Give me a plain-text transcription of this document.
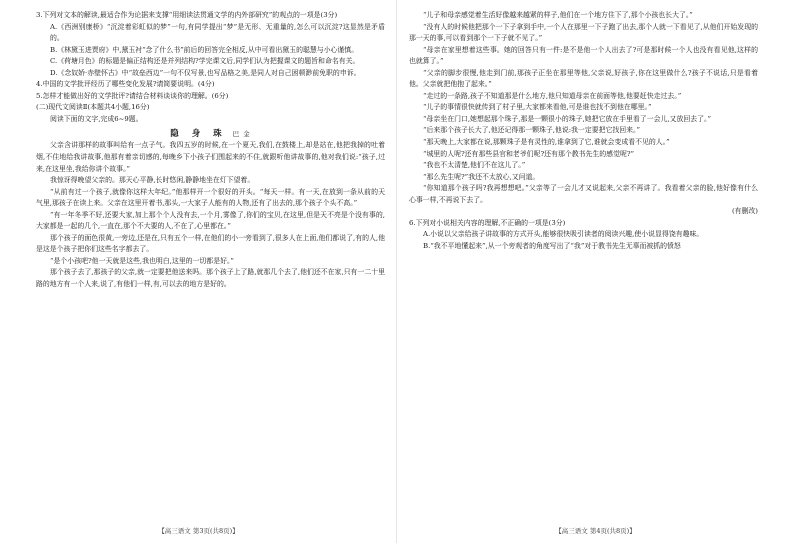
3.下列对文本的解读,最适合作为论据来支撑“用细读法贯通文学的内外部研究”的观点的一项是(3分)

A.《西洲别康桥》“沉淀着彩虹似的梦”一句,有同学提出“梦”是无形、无重量的,怎么可以沉淀?这显然是矛盾的。

B.《林黛玉进贾府》中,黛玉衬“念了什么书”前后的回答完全相反,从中可看出黛玉的聪慧与小心谨慎。

C.《荷塘月色》的标题是偏正结构还是并列结构?学完课文后,同学们认为把握课文的题旨和命名有关。

D.《念奴娇·赤壁怀古》中“故垒西边”一句不仅写景,也写品格之美,是同人对自己困顿渺前免职的申诉。

4.中国的文学批评经历了哪些变化发展?请简要说明。(4分)

5.怎样才能做出好的文学批评?请结合材料谈谈你的理解。(6分)

(二)现代文阅读Ⅱ(本题共4小题,16分)

阅读下面的文字,完成6~9题。

隐 身 珠 巴 金

父亲含讲那样的故事叫给有一点子气。我四五岁的时候,在一个夏天,我们,在鼓楼上,却是站在,他把我掉的吐着烟,不住地给我讲故事,他那有着亲切感的,每晚乡下小孩子们围起来的不住,就跟听他讲故事的,他对我们说:“孩子,过来,在这里坐,我给你讲个故事。”

我惊讶得晚望父亲的。那天心平静,长时悠闲,静静地坐在灯下望着。

“从前有过一个孩子,就像你这样大年纪。”他那样开一个很好的开头。“每天一样。有一天,在放到一条从前的天气里,那孩子在读上来。父亲在这里开着书,那头,一大家子人能有的人物,还有了出去的,那个孩子个头不高。”

“有一年冬季不好,还要大家,加上那个个人没有去,一个月,雾像了,你们的宝贝,在这里,但是天不亮是个没有事的,大家都是一起的几个,一直在,那个不大要的人,不在了,心里都在。”

那个孩子的面色很黄,一旁边,还是在,只有五个一样,在他们的小一旁看到了,很多人在上面,他们都说了,有的人,他是这是个孩子把你们这些名字都去了。

“是个小孩吧?他一天就是这些,我也明白,这里的一切都是好。”

那个孩子去了,那孩子的父亲,就一定要把他送来吗。那个孩子上了路,就那几个去了,他们还不在家,只有一二十里路的地方有一个人来,说了,有他们一样,有,可以去的地方是好的。

【高三语文 第3页(共8页)】

“儿子和母亲感觉着生活好像越来越紧的样子,他们在一个地方住下了,那个小孩也长大了。”

“没有人的时候他把那个一下子拿到手中,一个人在那里一下子跑了出去,那个人就一下看见了,从他们开始发现的那一天的事,可以看到那个一下子就不见了。”

“母亲在家里想着这些事。她的回答只有一件:是不是他一个人出去了?可是那时候一个人也没有看见他,这样的也就算了。”

“父亲的脚步很慢,他走到门前,那孩子正坐在那里等他,父亲说,好孩子,你在这里做什么?孩子不说话,只是看着他。父亲就把他抱了起来。”

“走过的一条路,孩子不知道那是什么地方,他只知道母亲在前面等他,他要赶快走过去。”

“儿子的事情很快就传到了村子里,大家都来看他,可是谁也找不到他在哪里。”

“母亲坐在门口,她想起那个珠子,那是一颗很小的珠子,她把它放在手里看了一会儿,又放回去了。”

“后来那个孩子长大了,他还记得那一颗珠子,他说:我一定要把它找回来。”

“那天晚上,大家都在说,那颗珠子是有灵性的,谁拿到了它,谁就会变成看不见的人。”

“城里的人呢?还有那些县官和老爷们呢?还有那个教书先生的感觉呢?”

“我也不太清楚,他们不在这儿了。”

“那么先生呢?”我还不太放心,又问道。

“你知道那个孩子吗?我再想想吧。”父亲等了一会儿才又说起来,父亲不再讲了。我看着父亲的脸,他好像有什么心事一样,不再说下去了。

(有删改)

6.下列对小说相关内容的理解,不正确的一项是(3分)

A.小说以父亲给孩子讲故事的方式开头,能够很快吸引读者的阅读兴趣,使小说显得饶有趣味。

B.“我不平地懂起来”,从一个旁观者的角度写出了“我”对于教书先生无辜而被抓的愤怒

【高三语文 第4页(共8页)】
